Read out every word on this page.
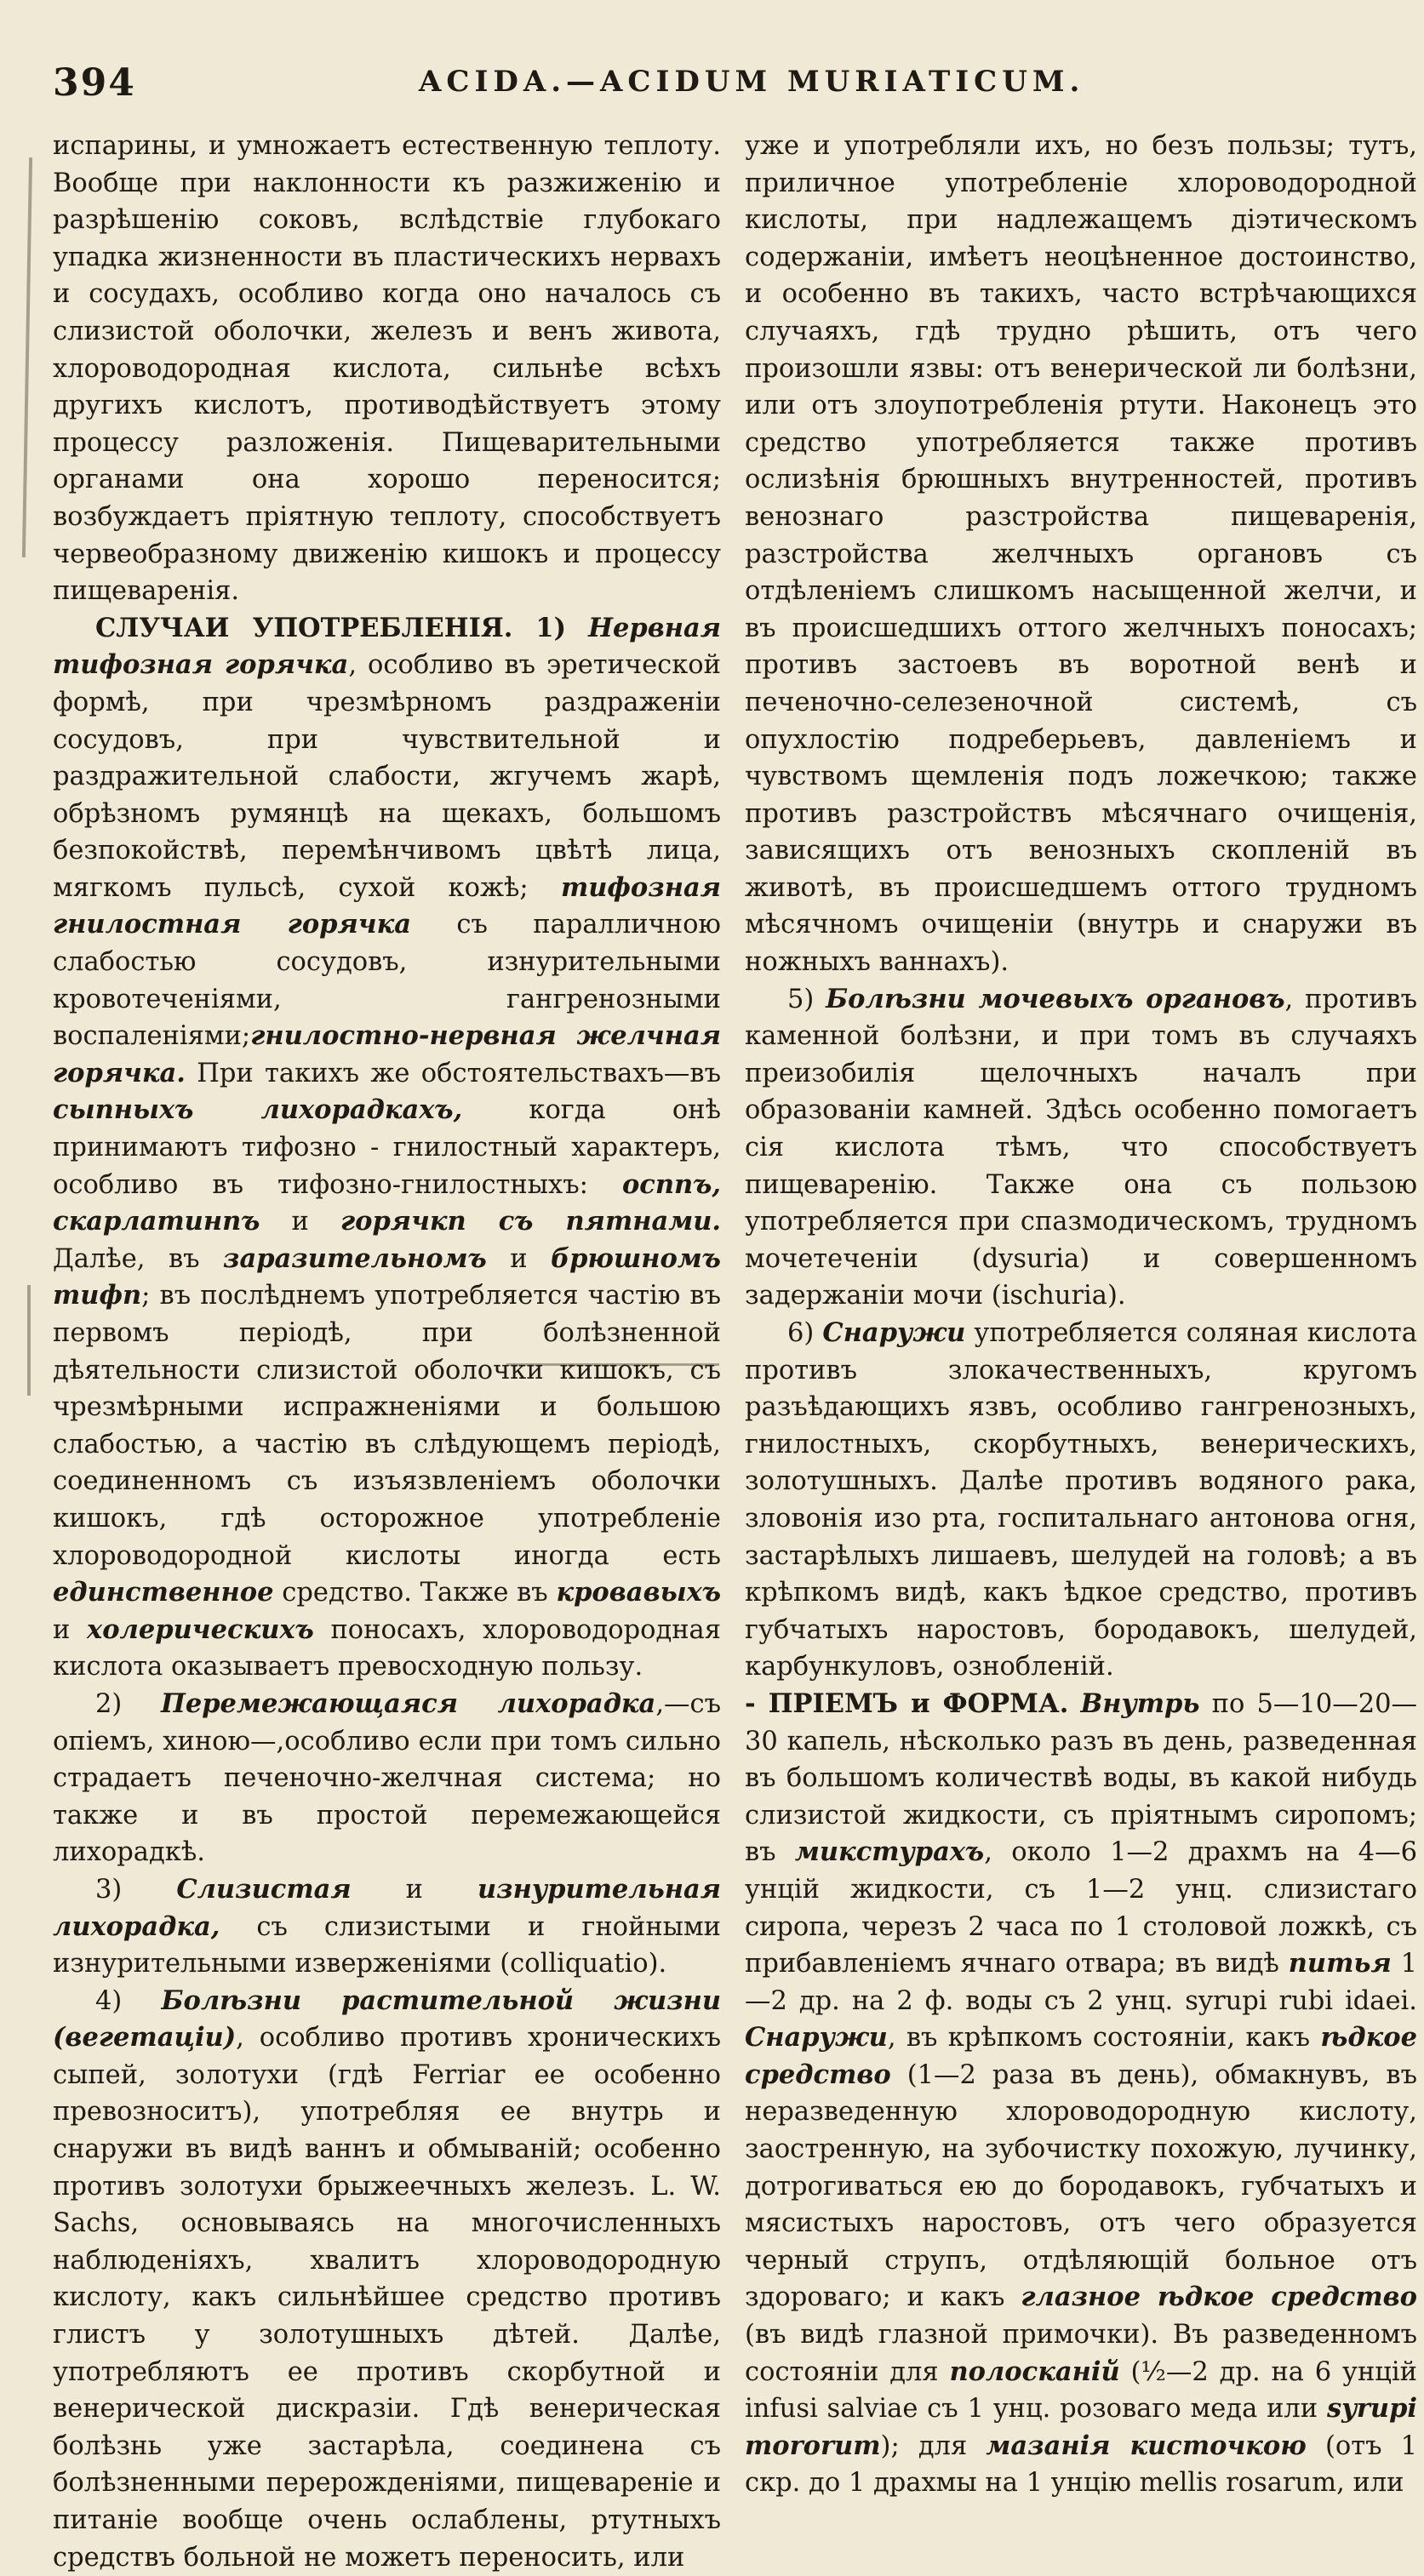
394	ACIDA.—ACIDUM MURIATICUM.

испарины, и умножаетъ естественную теплоту. Вообще при наклонности къ разжиженію и разрѣшенію соковъ, вслѣдствіе глубокаго упадка жизненности въ пластическихъ нервахъ и сосудахъ, особливо когда оно началось съ слизистой оболочки, железъ и венъ живота, хлороводородная кислота, сильнѣе всѣхъ другихъ кислотъ, противодѣйствуетъ этому процессу разложенія. Пищеварительными органами она хорошо переносится; возбуждаетъ пріятную теплоту, способствуетъ червеобразному движенію кишокъ и процессу пищеваренія.

СЛУЧАИ УПОТРЕБЛЕНІЯ. 1) Нервная тифозная горячка, особливо въ эретической формѣ, при чрезмѣрномъ раздраженіи сосудовъ, при чувствительной и раздражительной слабости, жгучемъ жарѣ, обрѣзномъ румянцѣ на щекахъ, большомъ безпокойствѣ, перемѣнчивомъ цвѣтѣ лица, мягкомъ пульсѣ, сухой кожѣ; тифозная гнилостная горячка съ паралличною слабостью сосудовъ, изнурительными кровотеченіями, гангренозными воспаленіями;гнилостно-нервная желчная горячка. При такихъ же обстоятельствахъ—въ сыпныхъ лихорадкахъ,	когда онѣ принимаютъ тифозно - гнилостный характеръ, особливо въ тифозно-гнилостныхъ: осппъ, скарлатинпъ и горячкп съ пятнами. Далѣе, въ заразительномъ и брюшномъ тифп; въ послѣднемъ употребляется частію въ первомъ періодѣ, при болѣзненной дѣятельности слизистой оболочки кишокъ, съ чрезмѣрными испражненіями и большою слабостью, а частію въ слѣдующемъ періодѣ, соединенномъ съ изъязвленіемъ оболочки кишокъ, гдѣ осторожное употребленіе хлороводородной кислоты иногда есть единственное средство. Также въ кровавыхъ и холерическихъ поносахъ, хлороводородная кислота оказываетъ превосходную пользу.

2) Перемежающаяся лихорадка,—съ опіемъ, хиною—,особливо если при томъ сильно страдаетъ печеночно-желчная система; но также и въ простой перемежающейся лихорадкѣ.

3) Слизистая и изнурительная лихорадка, съ слизистыми и гнойными изнурительными изверженіями (colliquatio).

4) Болѣзни растительной жизни (вегетаціи), особливо противъ хроническихъ сыпей, золотухи (гдѣ Ferriar ее особенно превозноситъ), употребляя ее внутрь и снаружи въ видѣ ваннъ и обмываній; особенно противъ золотухи брыжеечныхъ железъ. L. W. Sachs, основываясь на многочисленныхъ наблюденіяхъ, хвалитъ хлороводородную кислоту, какъ сильнѣйшее средство противъ глистъ у золотушныхъ дѣтей. Далѣе, употребляютъ ее противъ скорбутной и венерической дискразіи. Гдѣ венерическая болѣзнь уже застарѣла, соединена съ болѣзненными перерожденіями, пищевареніе и питаніе вообще очень ослаблены, ртутныхъ средствъ больной не можетъ переносить, или

уже и употребляли ихъ, но безъ пользы; тутъ, приличное употребленіе хлороводородной кислоты, при надлежащемъ діэтическомъ содержаніи, имѣетъ неоцѣненное достоинство, и особенно въ такихъ, часто встрѣчающихся случаяхъ, гдѣ трудно рѣшить, отъ чего произошли язвы: отъ венерической ли болѣзни, или отъ злоупотребленія ртути. Наконецъ это средство употребляется также противъ ослизѣнія брюшныхъ внутренностей, противъ венознаго разстройства пищеваренія, разстройства желчныхъ органовъ съ отдѣленіемъ слишкомъ насыщенной желчи, и въ происшедшихъ оттого желчныхъ поносахъ; противъ застоевъ въ воротной венѣ и печеночно-селезеночной системѣ, съ опухлостію подреберьевъ, давленіемъ и чувствомъ щемленія подъ ложечкою; также противъ разстройствъ мѣсячнаго очищенія, зависящихъ отъ венозныхъ скопленій въ животѣ, въ происшедшемъ оттого трудномъ мѣсячномъ очищеніи (внутрь и снаружи въ ножныхъ ваннахъ).

5) Болѣзни мочевыхъ органовъ, противъ каменной болѣзни, и при томъ въ случаяхъ преизобилія щелочныхъ началъ при образованіи камней. Здѣсь особенно помогаетъ сія кислота тѣмъ, что способствуетъ пищеваренію. Также она съ пользою употребляется при спазмодическомъ, трудномъ мочетеченіи (dysuria) и совершенномъ задержаніи мочи (ischuria).

6) Снаружи употребляется соляная кислота противъ злокачественныхъ, кругомъ разъѣдающихъ язвъ, особливо гангренозныхъ, гнилостныхъ, скорбутныхъ, венерическихъ, золотушныхъ. Далѣе противъ водяного рака, зловонія изо рта, госпитальнаго антонова огня, застарѣлыхъ лишаевъ, шелудей на головѣ; а въ крѣпкомъ видѣ, какъ ѣдкое средство, противъ губчатыхъ наростовъ, бородавокъ, шелудей, карбункуловъ, ознобленій.

- ПРІЕМЪ и ФОРМА. Внутрь по 5—10—20—30 капель, нѣсколько разъ въ день, разведенная въ большомъ количествѣ воды, въ какой нибудь слизистой жидкости, съ пріятнымъ сиропомъ; въ микстурахъ, около 1—2 драхмъ на 4—6 унцій жидкости, съ 1—2 унц. слизистаго сиропа, черезъ 2 часа по 1 столовой ложкѣ, съ прибавленіемъ ячнаго отвара; въ видѣ питья 1—2 др. на 2 ф. воды съ 2 унц. syrupi rubi idaei. Снаружи, въ крѣпкомъ состояніи, какъ ѣдкое средство (1—2 раза въ день), обмакнувъ, въ неразведенную хлороводородную кислоту, заостренную, на зубочистку похожую, лучинку, дотрогиваться ею до бородавокъ, губчатыхъ и мясистыхъ наростовъ, отъ чего образуется черный струпъ, отдѣляющій больное отъ здороваго; и какъ глазное ѣдкое средство (въ видѣ глазной примочки). Въ разведенномъ состояніи для полосканій (½—2 др. на 6 унцій infusi salviae съ 1 унц. розоваго меда или syrupi mororum); для мазанія кисточкою (отъ 1 скр. до 1 драхмы на 1 унцію mellis rosarum, или
